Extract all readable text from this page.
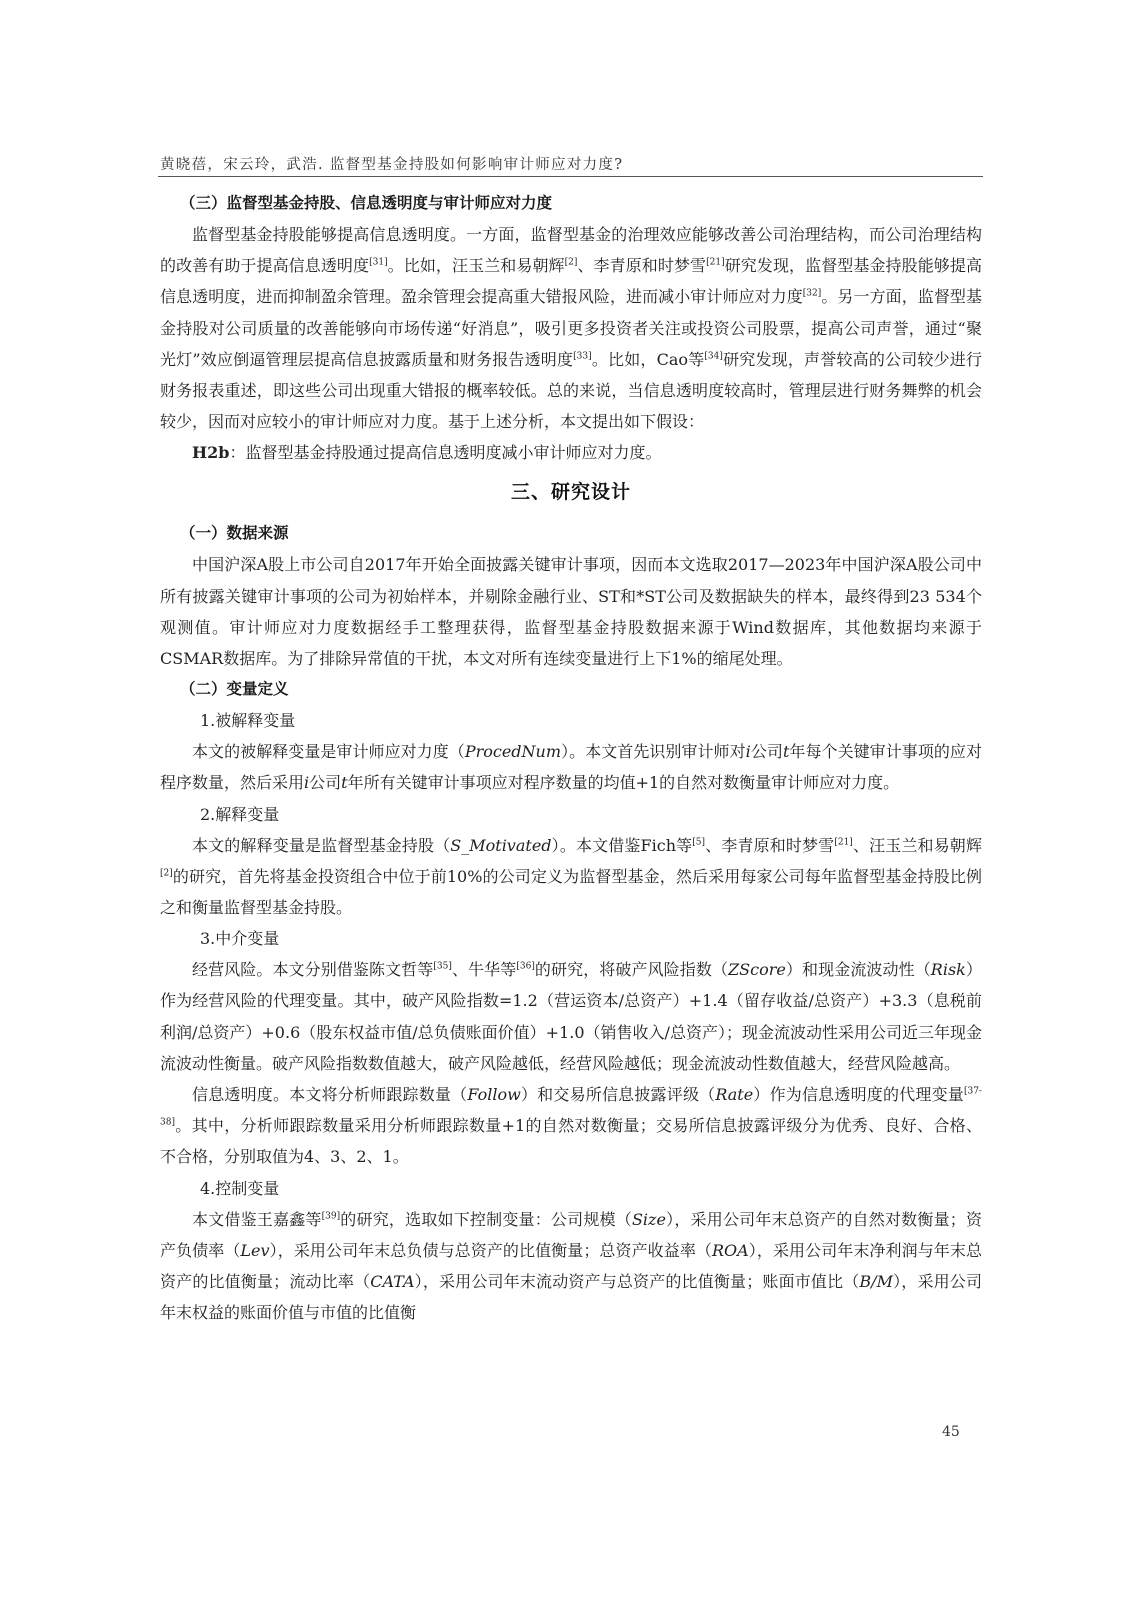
黄晓蓓，宋云玲，武浩. 监督型基金持股如何影响审计师应对力度?
（三）监督型基金持股、信息透明度与审计师应对力度

监督型基金持股能够提高信息透明度。一方面，监督型基金的治理效应能够改善公司治理结构，而公司治理结构的改善有助于提高信息透明度[31]。比如，汪玉兰和易朝辉[2]、李青原和时梦雪[21]研究发现，监督型基金持股能够提高信息透明度，进而抑制盈余管理。盈余管理会提高重大错报风险，进而减小审计师应对力度[32]。另一方面，监督型基金持股对公司质量的改善能够向市场传递“好消息”，吸引更多投资者关注或投资公司股票，提高公司声誉，通过“聚光灯”效应倒逼管理层提高信息披露质量和财务报告透明度[33]。比如，Cao等[34]研究发现，声誉较高的公司较少进行财务报表重述，即这些公司出现重大错报的概率较低。总的来说，当信息透明度较高时，管理层进行财务舞弊的机会较少，因而对应较小的审计师应对力度。基于上述分析，本文提出如下假设：

H2b：监督型基金持股通过提高信息透明度减小审计师应对力度。
三、研究设计
（一）数据来源

中国沪深A股上市公司自2017年开始全面披露关键审计事项，因而本文选取2017—2023年中国沪深A股公司中所有披露关键审计事项的公司为初始样本，并剔除金融行业、ST和*ST公司及数据缺失的样本，最终得到23 534个观测值。审计师应对力度数据经手工整理获得，监督型基金持股数据来源于Wind数据库，其他数据均来源于CSMAR数据库。为了排除异常值的干扰，本文对所有连续变量进行上下1%的缩尾处理。

（二）变量定义
1.被解释变量

本文的被解释变量是审计师应对力度（ProcedNum）。本文首先识别审计师对i公司t年每个关键审计事项的应对程序数量，然后采用i公司t年所有关键审计事项应对程序数量的均值+1的自然对数衡量审计师应对力度。

2.解释变量

本文的解释变量是监督型基金持股（S_Motivated）。本文借鉴Fich等[5]、李青原和时梦雪[21]、汪玉兰和易朝辉[2]的研究，首先将基金投资组合中位于前10%的公司定义为监督型基金，然后采用每家公司每年监督型基金持股比例之和衡量监督型基金持股。

3.中介变量

经营风险。本文分别借鉴陈文哲等[35]、牛华等[36]的研究，将破产风险指数（ZScore）和现金流波动性（Risk）作为经营风险的代理变量。其中，破产风险指数=1.2（营运资本/总资产）+1.4（留存收益/总资产）+3.3（息税前利润/总资产）+0.6（股东权益市值/总负债账面价值）+1.0（销售收入/总资产）；现金流波动性采用公司近三年现金流波动性衡量。破产风险指数数值越大，破产风险越低，经营风险越低；现金流波动性数值越大，经营风险越高。

信息透明度。本文将分析师跟踪数量（Follow）和交易所信息披露评级（Rate）作为信息透明度的代理变量[37-38]。其中，分析师跟踪数量采用分析师跟踪数量+1的自然对数衡量；交易所信息披露评级分为优秀、良好、合格、不合格，分别取值为4、3、2、1。

4.控制变量

本文借鉴王嘉鑫等[39]的研究，选取如下控制变量：公司规模（Size），采用公司年末总资产的自然对数衡量；资产负债率（Lev），采用公司年末总负债与总资产的比值衡量；总资产收益率（ROA），采用公司年末净利润与年末总资产的比值衡量；流动比率（CATA），采用公司年末流动资产与总资产的比值衡量；账面市值比（B/M），采用公司年末权益的账面价值与市值的比值衡

45
